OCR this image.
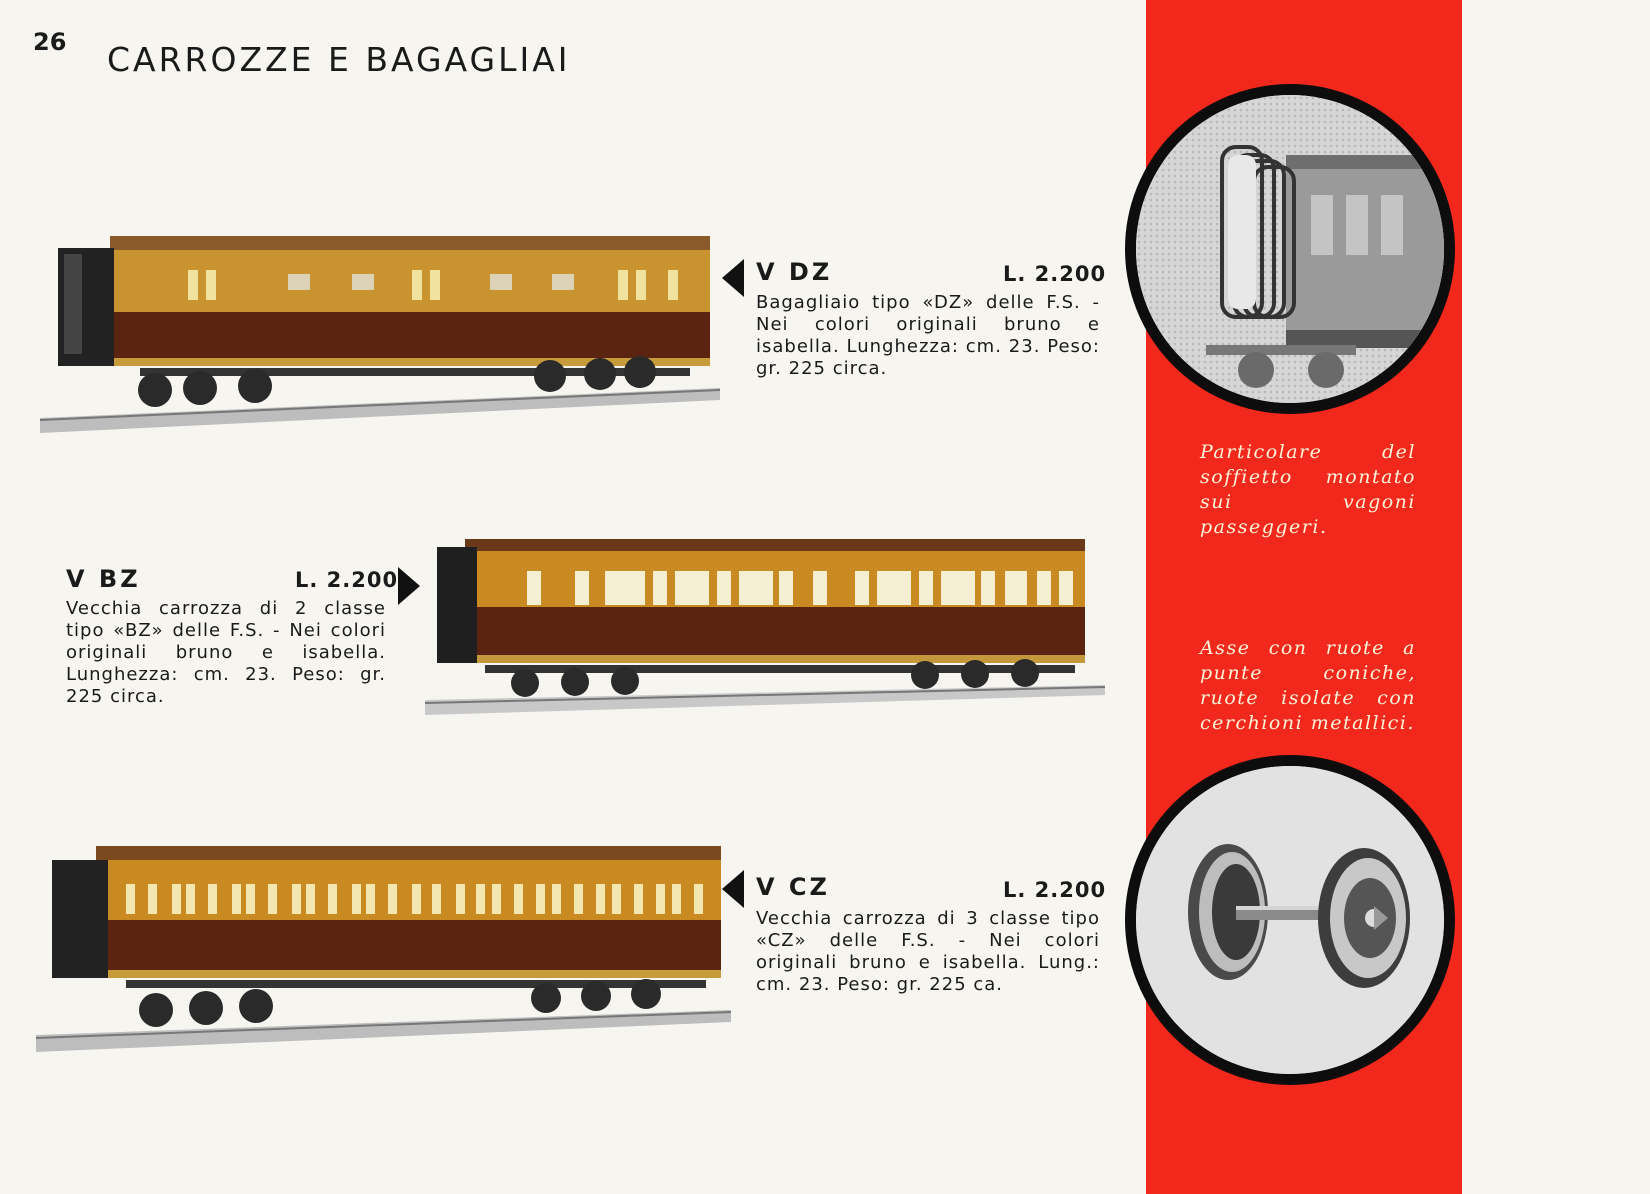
26 CARROZZE E BAGAGLIAI
Particolare del soffietto montato sui vagoni passeggeri.
Asse con ruote a punte coniche, ruote isolate con cerchioni metallici.
V DZ	L. 2.200
Bagagliaio tipo «DZ» delle F.S. - Nei colori originali bruno e isabella. Lunghezza: cm. 23. Peso: gr. 225 circa.
V BZ	L. 2.200
Vecchia carrozza di 2 classe tipo «BZ» delle F.S. - Nei colori originali bruno e isabella. Lunghezza: cm. 23. Peso: gr. 225 circa.
V CZ	L. 2.200
Vecchia carrozza di 3 classe tipo «CZ» delle F.S. - Nei colori originali bruno e isabella. Lung.: cm. 23. Peso: gr. 225 ca.
